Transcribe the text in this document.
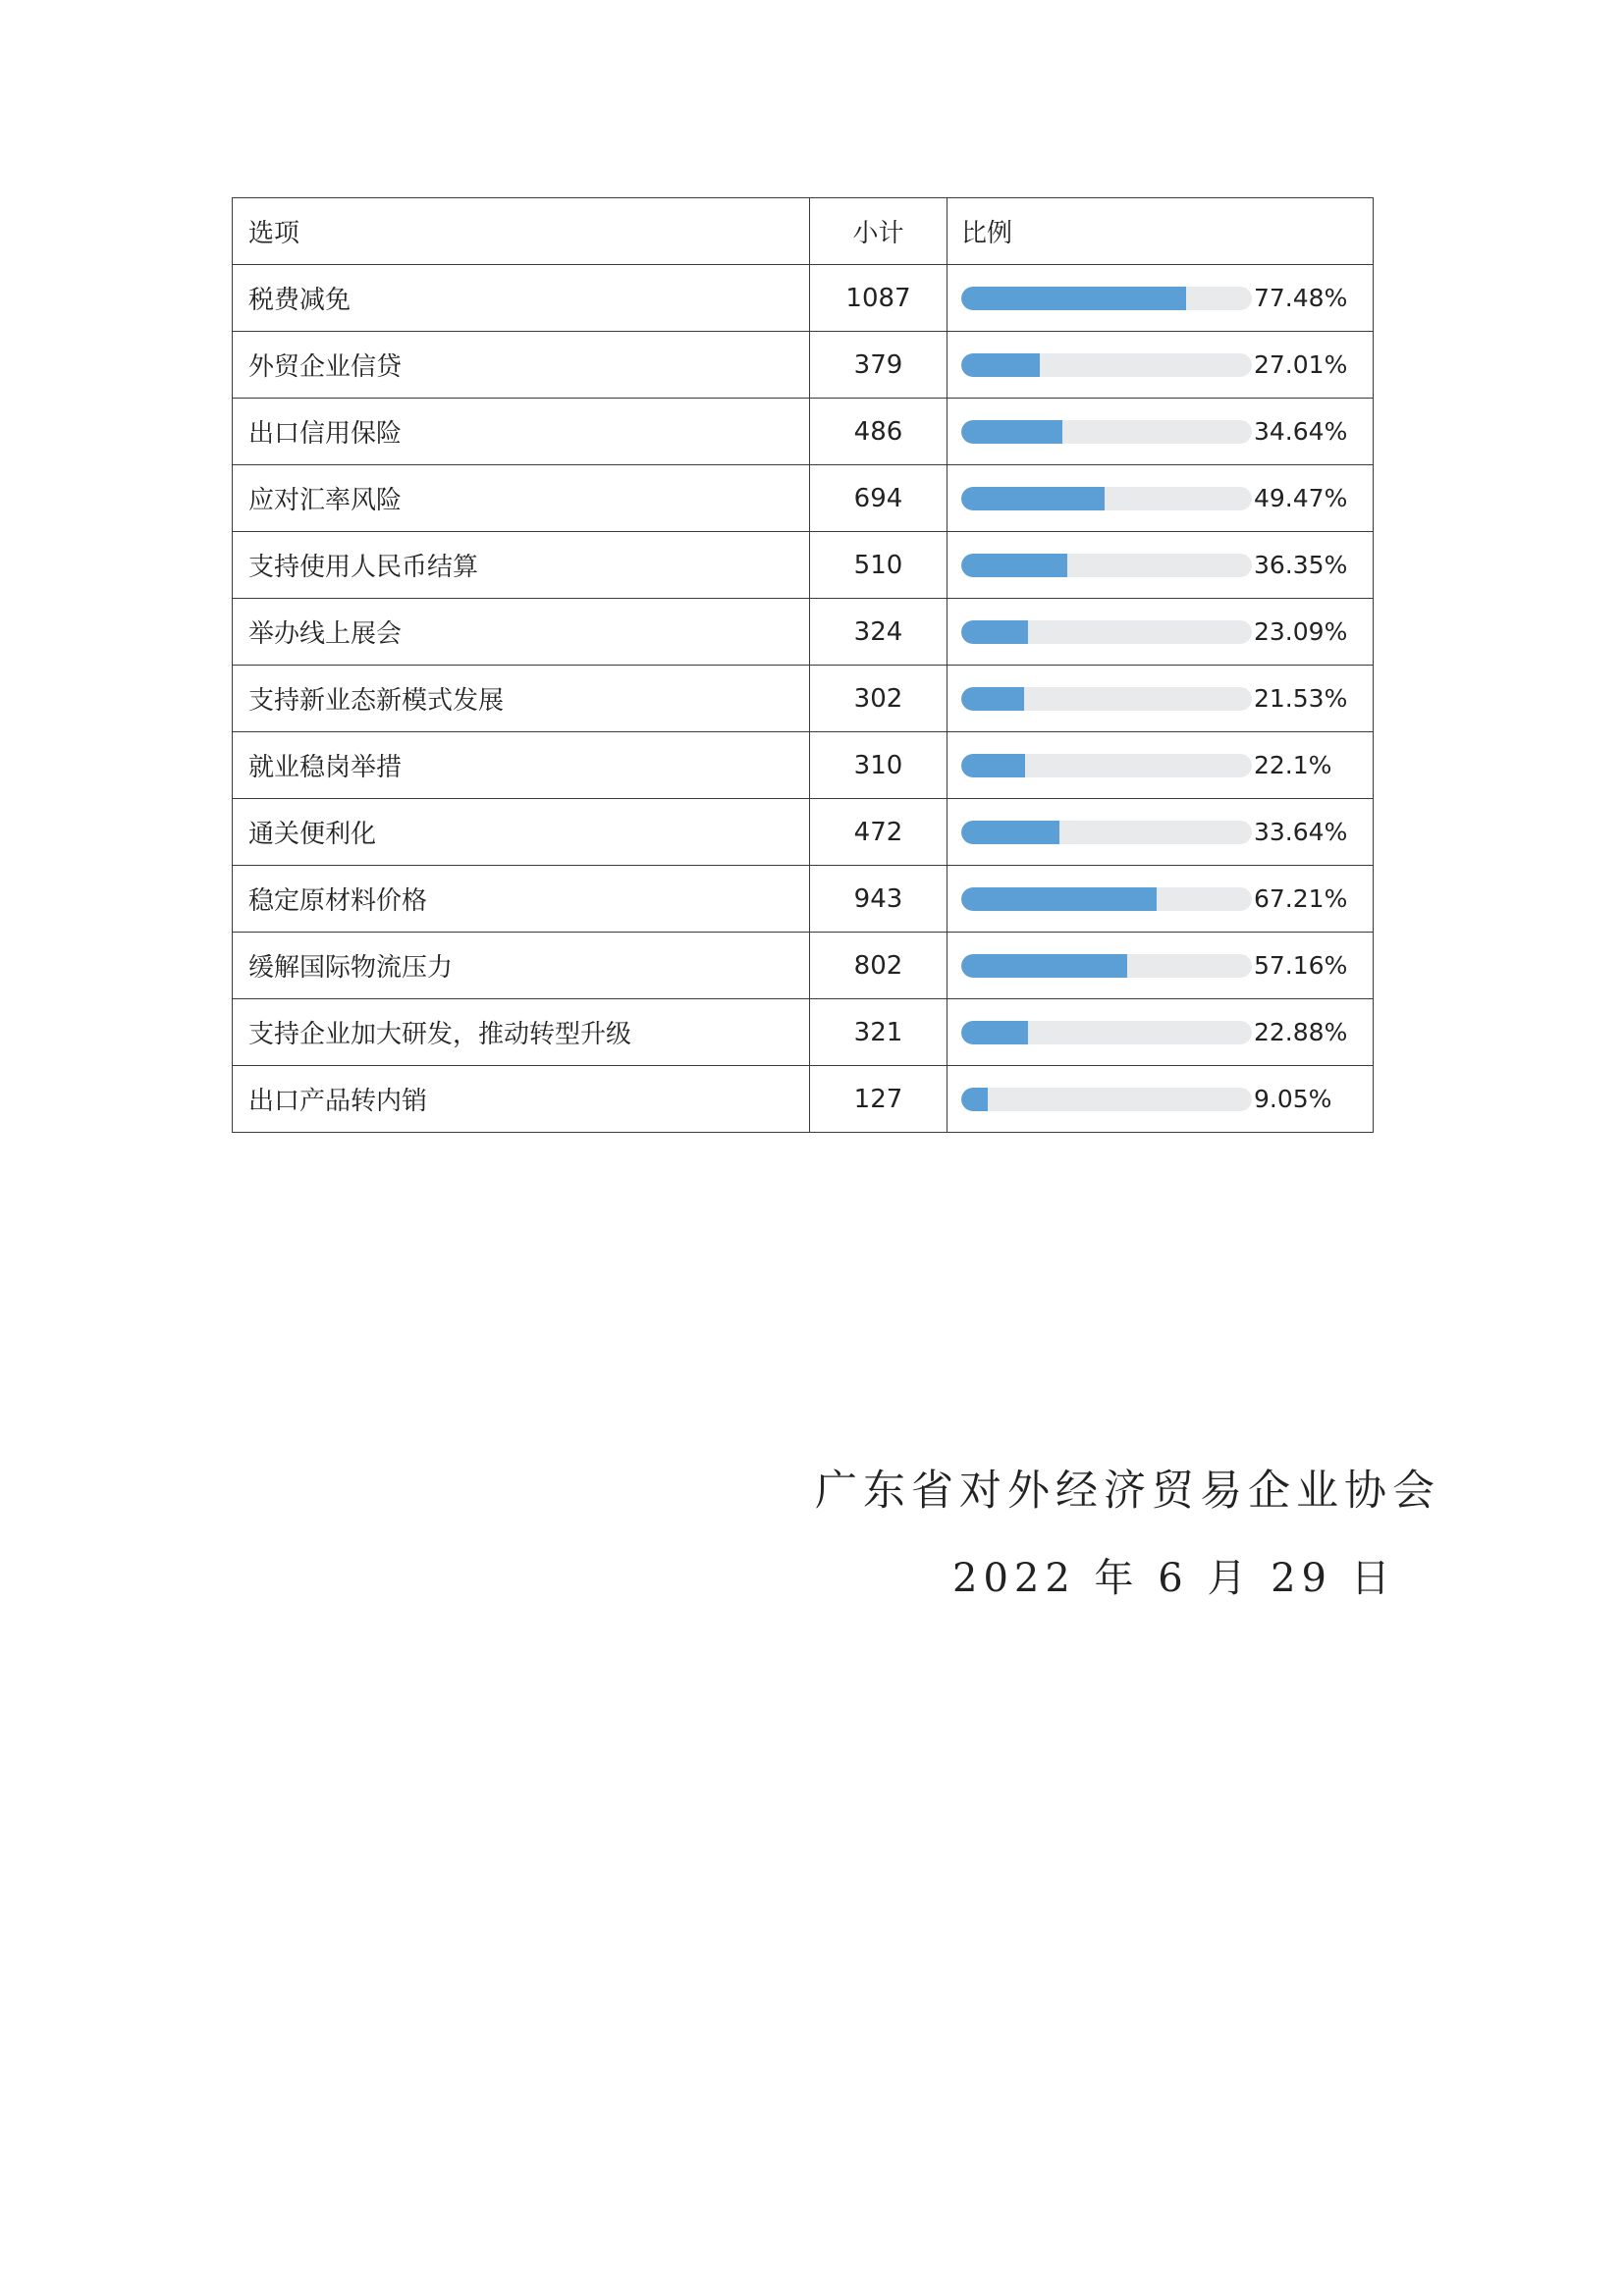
选项	小计	比例
税费减免	1087	77.48%

外贸企业信贷	379	27.01%

出口信用保险	486	34.64%

应对汇率风险	694	49.47%

支持使用人民币结算	510	36.35%

举办线上展会	324	23.09%

支持新业态新模式发展	302	21.53%

就业稳岗举措	310	22.1%

通关便利化	472	33.64%

稳定原材料价格	943	67.21%

缓解国际物流压力	802	57.16%

支持企业加大研发，推动转型升级	321	22.88%

出口产品转内销	127	9.05%
广东省对外经济贸易企业协会
2022 年 6 月 29 日
